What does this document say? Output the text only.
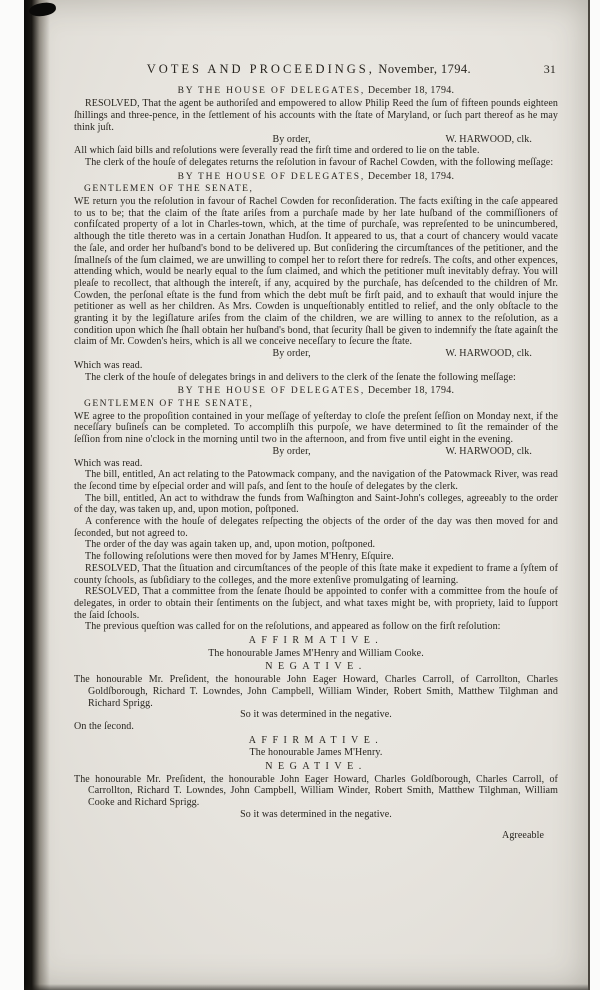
VOTES AND PROCEEDINGS, November, 1794.	31

BY THE HOUSE OF DELEGATES, December 18, 1794.

RESOLVED, That the agent be authoriſed and empowered to allow Philip Reed the ſum of fifteen pounds eighteen ſhillings and three-pence, in the ſettlement of his accounts with the ſtate of Maryland, or ſuch part thereof as he may think juſt.

By order,	W. HARWOOD, clk.

All which ſaid bills and reſolutions were ſeverally read the firſt time and ordered to lie on the table.

The clerk of the houſe of delegates returns the reſolution in favour of Rachel Cowden, with the following meſſage:

BY THE HOUSE OF DELEGATES, December 18, 1794.

GENTLEMEN OF THE SENATE,

WE return you the reſolution in favour of Rachel Cowden for reconſideration. The facts exiſting in the caſe appeared to us to be; that the claim of the ſtate ariſes from a purchaſe made by her late huſband of the commiſſioners of confiſcated property of a lot in Charles-town, which, at the time of purchaſe, was repreſented to be unincumbered, although the title thereto was in a certain Jonathan Hudſon. It appeared to us, that a court of chancery would vacate the ſale, and order her huſband's bond to be delivered up. But conſidering the circumſtances of the petitioner, and the ſmallneſs of the ſum claimed, we are unwilling to compel her to reſort there for redreſs. The coſts, and other expences, attending which, would be nearly equal to the ſum claimed, and which the petitioner muſt inevitably defray. You will pleaſe to recollect, that although the intereſt, if any, acquired by the purchaſe, has deſcended to the children of Mr. Cowden, the perſonal eſtate is the fund from which the debt muſt be firſt paid, and to exhauſt that would injure the petitioner as well as her children. As Mrs. Cowden is unqueſtionably entitled to relief, and the only obſtacle to the granting it by the legiſlature ariſes from the claim of the children, we are willing to annex to the reſolution, as a condition upon which ſhe ſhall obtain her huſband's bond, that ſecurity ſhall be given to indemnify the ſtate againſt the claim of Mr. Cowden's heirs, which is all we conceive neceſſary to ſecure the ſtate.

By order,	W. HARWOOD, clk.

Which was read.

The clerk of the houſe of delegates brings in and delivers to the clerk of the ſenate the following meſſage:

BY THE HOUSE OF DELEGATES, December 18, 1794.

GENTLEMEN OF THE SENATE,

WE agree to the propoſition contained in your meſſage of yeſterday to cloſe the preſent ſeſſion on Monday next, if the neceſſary buſineſs can be completed. To accompliſh this purpoſe, we have determined to ſit the remainder of the ſeſſion from nine o'clock in the morning until two in the afternoon, and from five until eight in the evening.

By order,	W. HARWOOD, clk.

Which was read.

The bill, entitled, An act relating to the Patowmack company, and the navigation of the Patowmack River, was read the ſecond time by eſpecial order and will paſs, and ſent to the houſe of delegates by the clerk.

The bill, entitled, An act to withdraw the funds from Waſhington and Saint-John's colleges, agreeably to the order of the day, was taken up, and, upon motion, poſtponed.

A conference with the houſe of delegates reſpecting the objects of the order of the day was then moved for and ſeconded, but not agreed to.

The order of the day was again taken up, and, upon motion, poſtponed.

The following reſolutions were then moved for by James M'Henry, Eſquire.

RESOLVED, That the ſituation and circumſtances of the people of this ſtate make it expedient to frame a ſyſtem of county ſchools, as ſubſidiary to the colleges, and the more extenſive promulgating of learning.

RESOLVED, That a committee from the ſenate ſhould be appointed to confer with a committee from the houſe of delegates, in order to obtain their ſentiments on the ſubject, and what taxes might be, with propriety, laid to ſupport the ſaid ſchools.

The previous queſtion was called for on the reſolutions, and appeared as follow on the firſt reſolution:

AFFIRMATIVE.

The honourable James M'Henry and William Cooke.

NEGATIVE.

The honourable Mr. Preſident, the honourable John Eager Howard, Charles Carroll, of Carrollton, Charles Goldſborough, Richard T. Lowndes, John Campbell, William Winder, Robert Smith, Matthew Tilghman and Richard Sprigg.

So it was determined in the negative.

On the ſecond.

AFFIRMATIVE.

The honourable James M'Henry.

NEGATIVE.

The honourable Mr. Preſident, the honourable John Eager Howard, Charles Goldſborough, Charles Carroll, of Carrollton, Richard T. Lowndes, John Campbell, William Winder, Robert Smith, Matthew Tilghman, William Cooke and Richard Sprigg.

So it was determined in the negative.

Agreeable
